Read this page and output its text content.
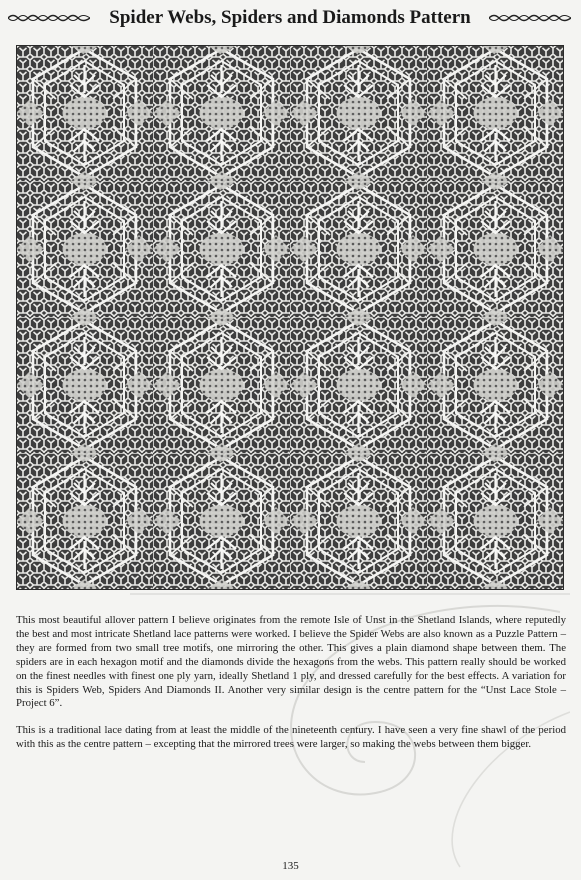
Spider Webs, Spiders and Diamonds Pattern

This most beautiful allover pattern I believe originates from the remote Isle of Unst in the Shetland Islands, where reputedly the best and most intricate Shetland lace patterns were worked. I believe the Spider Webs are also known as a Puzzle Pattern – they are formed from two small tree motifs, one mirroring the other. This gives a plain diamond shape between them. The spiders are in each hexagon motif and the diamonds divide the hexagons from the webs. This pattern really should be worked on the finest needles with finest one ply yarn, ideally Shetland 1 ply, and dressed carefully for the best effects. A variation for this is Spiders Web, Spiders And Diamonds II. Another very similar design is the centre pattern for the “Unst Lace Stole – Project 6”.

This is a traditional lace dating from at least the middle of the nineteenth century. I have seen a very fine shawl of the period with this as the centre pattern – excepting that the mirrored trees were larger, so making the webs between them bigger.

135
